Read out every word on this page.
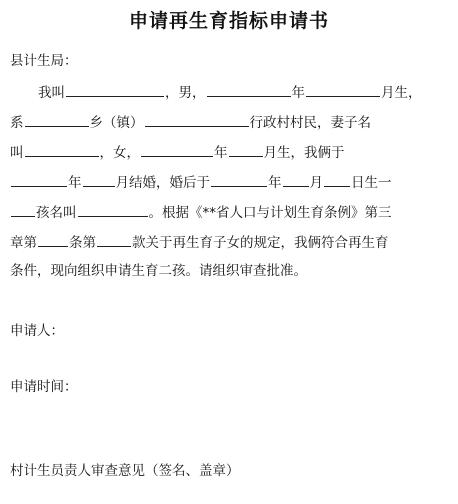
申请再生育指标申请书
县计生局：
我叫	，男，	年	月生，
系	乡（镇）	行政村村民，妻子名
叫	，女，	年	月生，我俩于
年	月结婚，婚后于	年 月 日生一
孩名叫	。根据《**省人口与计划生育条例》第三
章第 条第	款关于再生育子女的规定，我俩符合再生育
条件，现向组织申请生育二孩。请组织审查批准。
申请人：
申请时间：
村计生员责人审查意见（签名、盖章）
